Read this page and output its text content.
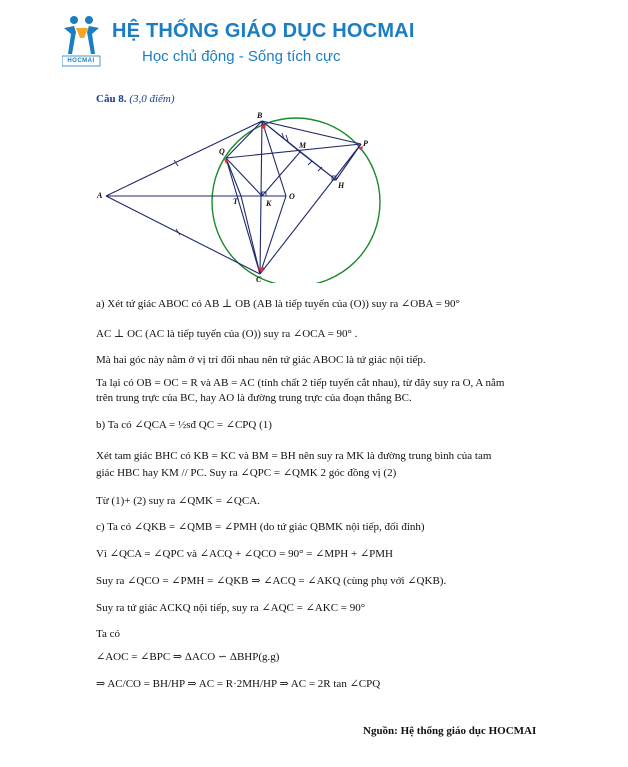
HOCMAI
HỆ THỐNG GIÁO DỤC HOCMAI
Học chủ động - Sống tích cực
Câu 8. (3,0 điểm)
A
B
C
O
P
Q
M
H
K
T
a) Xét tứ giác ABOC có AB ⊥ OB (AB là tiếp tuyến của (O)) suy ra ∠OBA = 90°
AC ⊥ OC (AC là tiếp tuyến của (O)) suy ra ∠OCA = 90° .
Mà hai góc này nằm ở vị trí đối nhau nên tứ giác ABOC là tứ giác nội tiếp.
Ta lại có OB = OC = R và AB = AC (tính chất 2 tiếp tuyến cắt nhau), từ đây suy ra O, A nằm
trên trung trực của BC, hay AO là đường trung trực của đoạn thẳng BC.
b) Ta có ∠QCA = ½sđ QC = ∠CPQ (1)
Xét tam giác BHC có KB = KC và BM = BH nên suy ra MK là đường trung bình của tam
giác HBC hay KM // PC. Suy ra ∠QPC = ∠QMK 2 góc đồng vị (2)
Từ (1)+ (2) suy ra ∠QMK = ∠QCA.
c) Ta có ∠QKB = ∠QMB = ∠PMH (do tứ giác QBMK nội tiếp, đối đỉnh)
Vì ∠QCA = ∠QPC và ∠ACQ + ∠QCO = 90° = ∠MPH + ∠PMH
Suy ra ∠QCO = ∠PMH = ∠QKB ⇒ ∠ACQ = ∠AKQ (cùng phụ với ∠QKB).
Suy ra tứ giác ACKQ nội tiếp, suy ra ∠AQC = ∠AKC = 90°
Ta có
∠AOC = ∠BPC ⇒ ΔACO ∽ ΔBHP(g.g)
⇒ AC/CO = BH/HP ⇒ AC = R·2MH/HP ⇒ AC = 2R tan ∠CPQ
Nguồn: Hệ thống giáo dục HOCMAI
